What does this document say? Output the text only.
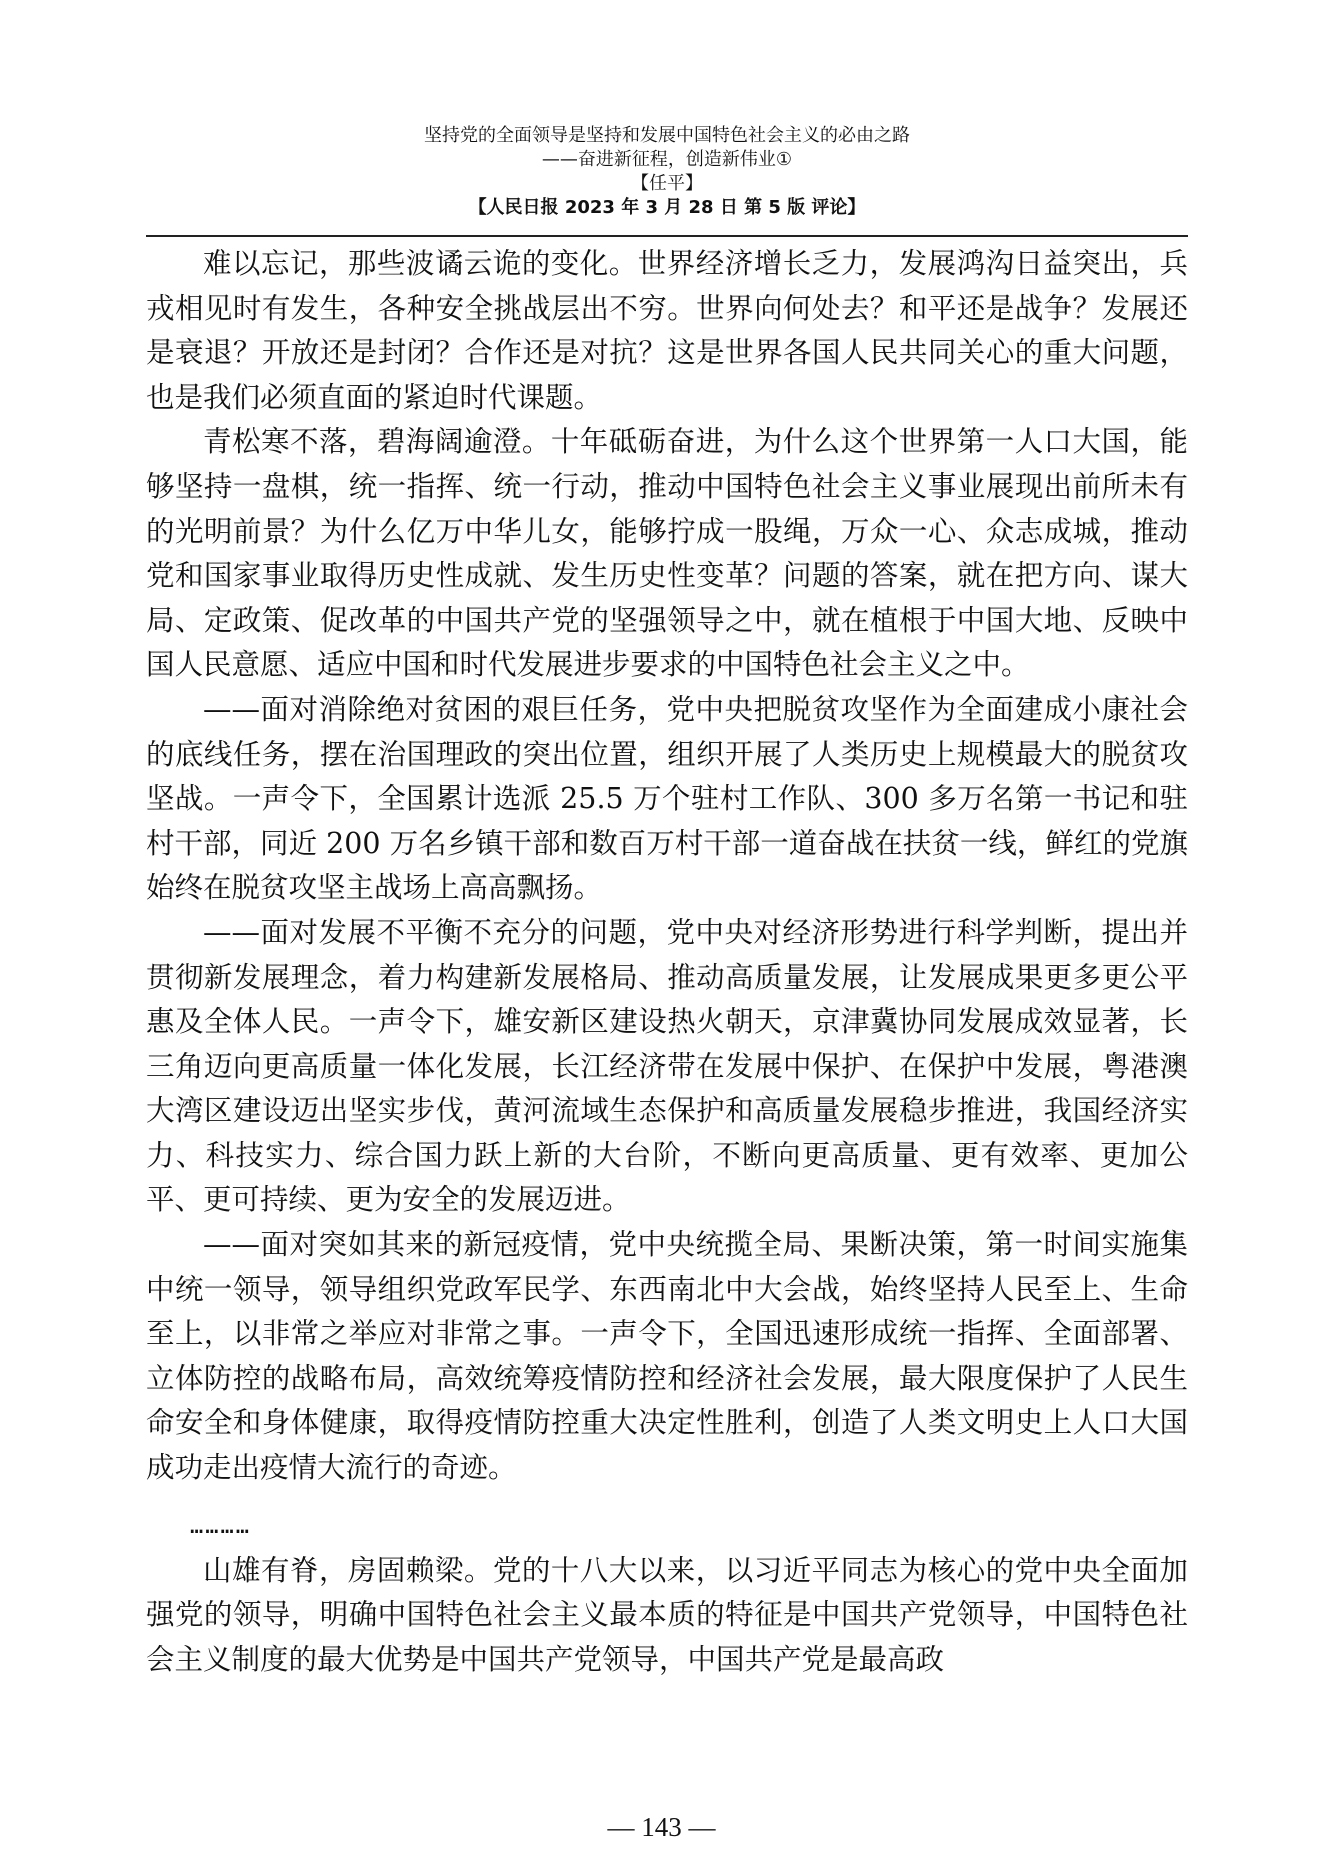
坚持党的全面领导是坚持和发展中国特色社会主义的必由之路
——奋进新征程，创造新伟业①
【任平】
【人民日报 2023 年 3 月 28 日 第 5 版 评论】

难以忘记，那些波谲云诡的变化。世界经济增长乏力，发展鸿沟日益突出，兵戎相见时有发生，各种安全挑战层出不穷。世界向何处去？和平还是战争？发展还是衰退？开放还是封闭？合作还是对抗？这是世界各国人民共同关心的重大问题，也是我们必须直面的紧迫时代课题。

青松寒不落，碧海阔逾澄。十年砥砺奋进，为什么这个世界第一人口大国，能够坚持一盘棋，统一指挥、统一行动，推动中国特色社会主义事业展现出前所未有的光明前景？为什么亿万中华儿女，能够拧成一股绳，万众一心、众志成城，推动党和国家事业取得历史性成就、发生历史性变革？问题的答案，就在把方向、谋大局、定政策、促改革的中国共产党的坚强领导之中，就在植根于中国大地、反映中国人民意愿、适应中国和时代发展进步要求的中国特色社会主义之中。

——面对消除绝对贫困的艰巨任务，党中央把脱贫攻坚作为全面建成小康社会的底线任务，摆在治国理政的突出位置，组织开展了人类历史上规模最大的脱贫攻坚战。一声令下，全国累计选派 25.5 万个驻村工作队、300 多万名第一书记和驻村干部，同近 200 万名乡镇干部和数百万村干部一道奋战在扶贫一线，鲜红的党旗始终在脱贫攻坚主战场上高高飘扬。

——面对发展不平衡不充分的问题，党中央对经济形势进行科学判断，提出并贯彻新发展理念，着力构建新发展格局、推动高质量发展，让发展成果更多更公平惠及全体人民。一声令下，雄安新区建设热火朝天，京津冀协同发展成效显著，长三角迈向更高质量一体化发展，长江经济带在发展中保护、在保护中发展，粤港澳大湾区建设迈出坚实步伐，黄河流域生态保护和高质量发展稳步推进，我国经济实力、科技实力、综合国力跃上新的大台阶，不断向更高质量、更有效率、更加公平、更可持续、更为安全的发展迈进。

——面对突如其来的新冠疫情，党中央统揽全局、果断决策，第一时间实施集中统一领导，领导组织党政军民学、东西南北中大会战，始终坚持人民至上、生命至上，以非常之举应对非常之事。一声令下，全国迅速形成统一指挥、全面部署、立体防控的战略布局，高效统筹疫情防控和经济社会发展，最大限度保护了人民生命安全和身体健康，取得疫情防控重大决定性胜利，创造了人类文明史上人口大国成功走出疫情大流行的奇迹。

…………

山雄有脊，房固赖梁。党的十八大以来，以习近平同志为核心的党中央全面加强党的领导，明确中国特色社会主义最本质的特征是中国共产党领导，中国特色社会主义制度的最大优势是中国共产党领导，中国共产党是最高政

— 143 —
